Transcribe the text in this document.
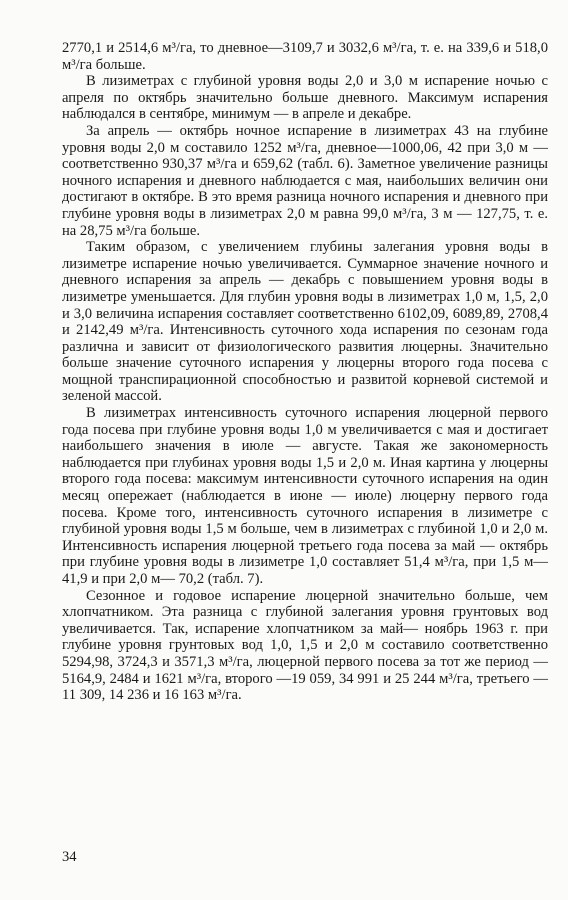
2770,1 и 2514,6 м³/га, то дневное—3109,7 и 3032,6 м³/га, т. е. на 339,6 и 518,0 м³/га больше.

В лизиметрах с глубиной уровня воды 2,0 и 3,0 м испарение ночью с апреля по октябрь значительно больше дневного. Максимум испарения наблюдался в сентябре, минимум — в апреле и декабре.

За апрель — октябрь ночное испарение в лизиметрах 43 на глубине уровня воды 2,0 м составило 1252 м³/га, дневное—1000,06, 42 при 3,0 м — соответственно 930,37 м³/га и 659,62 (табл. 6). Заметное увеличение разницы ночного испарения и дневного наблюдается с мая, наибольших величин они достигают в октябре. В это время разница ночного испарения и дневного при глубине уровня воды в лизиметрах 2,0 м равна 99,0 м³/га, 3 м — 127,75, т. е. на 28,75 м³/га больше.

Таким образом, с увеличением глубины залегания уровня воды в лизиметре испарение ночью увеличивается. Суммарное значение ночного и дневного испарения за апрель — декабрь с повышением уровня воды в лизиметре уменьшается. Для глубин уровня воды в лизиметрах 1,0 м, 1,5, 2,0 и 3,0 величина испарения составляет соответственно 6102,09, 6089,89, 2708,4 и 2142,49 м³/га. Интенсивность суточного хода испарения по сезонам года различна и зависит от физиологического развития люцерны. Значительно больше значение суточного испарения у люцерны второго года посева с мощной транспирационной способностью и развитой корневой системой и зеленой массой.

В лизиметрах интенсивность суточного испарения люцерной первого года посева при глубине уровня воды 1,0 м увеличивается с мая и достигает наибольшего значения в июле — августе. Такая же закономерность наблюдается при глубинах уровня воды 1,5 и 2,0 м. Иная картина у люцерны второго года посева: максимум интенсивности суточного испарения на один месяц опережает (наблюдается в июне — июле) люцерну первого года посева. Кроме того, интенсивность суточного испарения в лизиметре с глубиной уровня воды 1,5 м больше, чем в лизиметрах с глубиной 1,0 и 2,0 м. Интенсивность испарения люцерной третьего года посева за май — октябрь при глубине уровня воды в лизиметре 1,0 составляет 51,4 м³/га, при 1,5 м—41,9 и при 2,0 м— 70,2 (табл. 7).

Сезонное и годовое испарение люцерной значительно больше, чем хлопчатником. Эта разница с глубиной залегания уровня грунтовых вод увеличивается. Так, испарение хлопчатником за май— ноябрь 1963 г. при глубине уровня грунтовых вод 1,0, 1,5 и 2,0 м составило соответственно 5294,98, 3724,3 и 3571,3 м³/га, люцерной первого посева за тот же период — 5164,9, 2484 и 1621 м³/га, второго —19 059, 34 991 и 25 244 м³/га, третьего —11 309, 14 236 и 16 163 м³/га.

34
